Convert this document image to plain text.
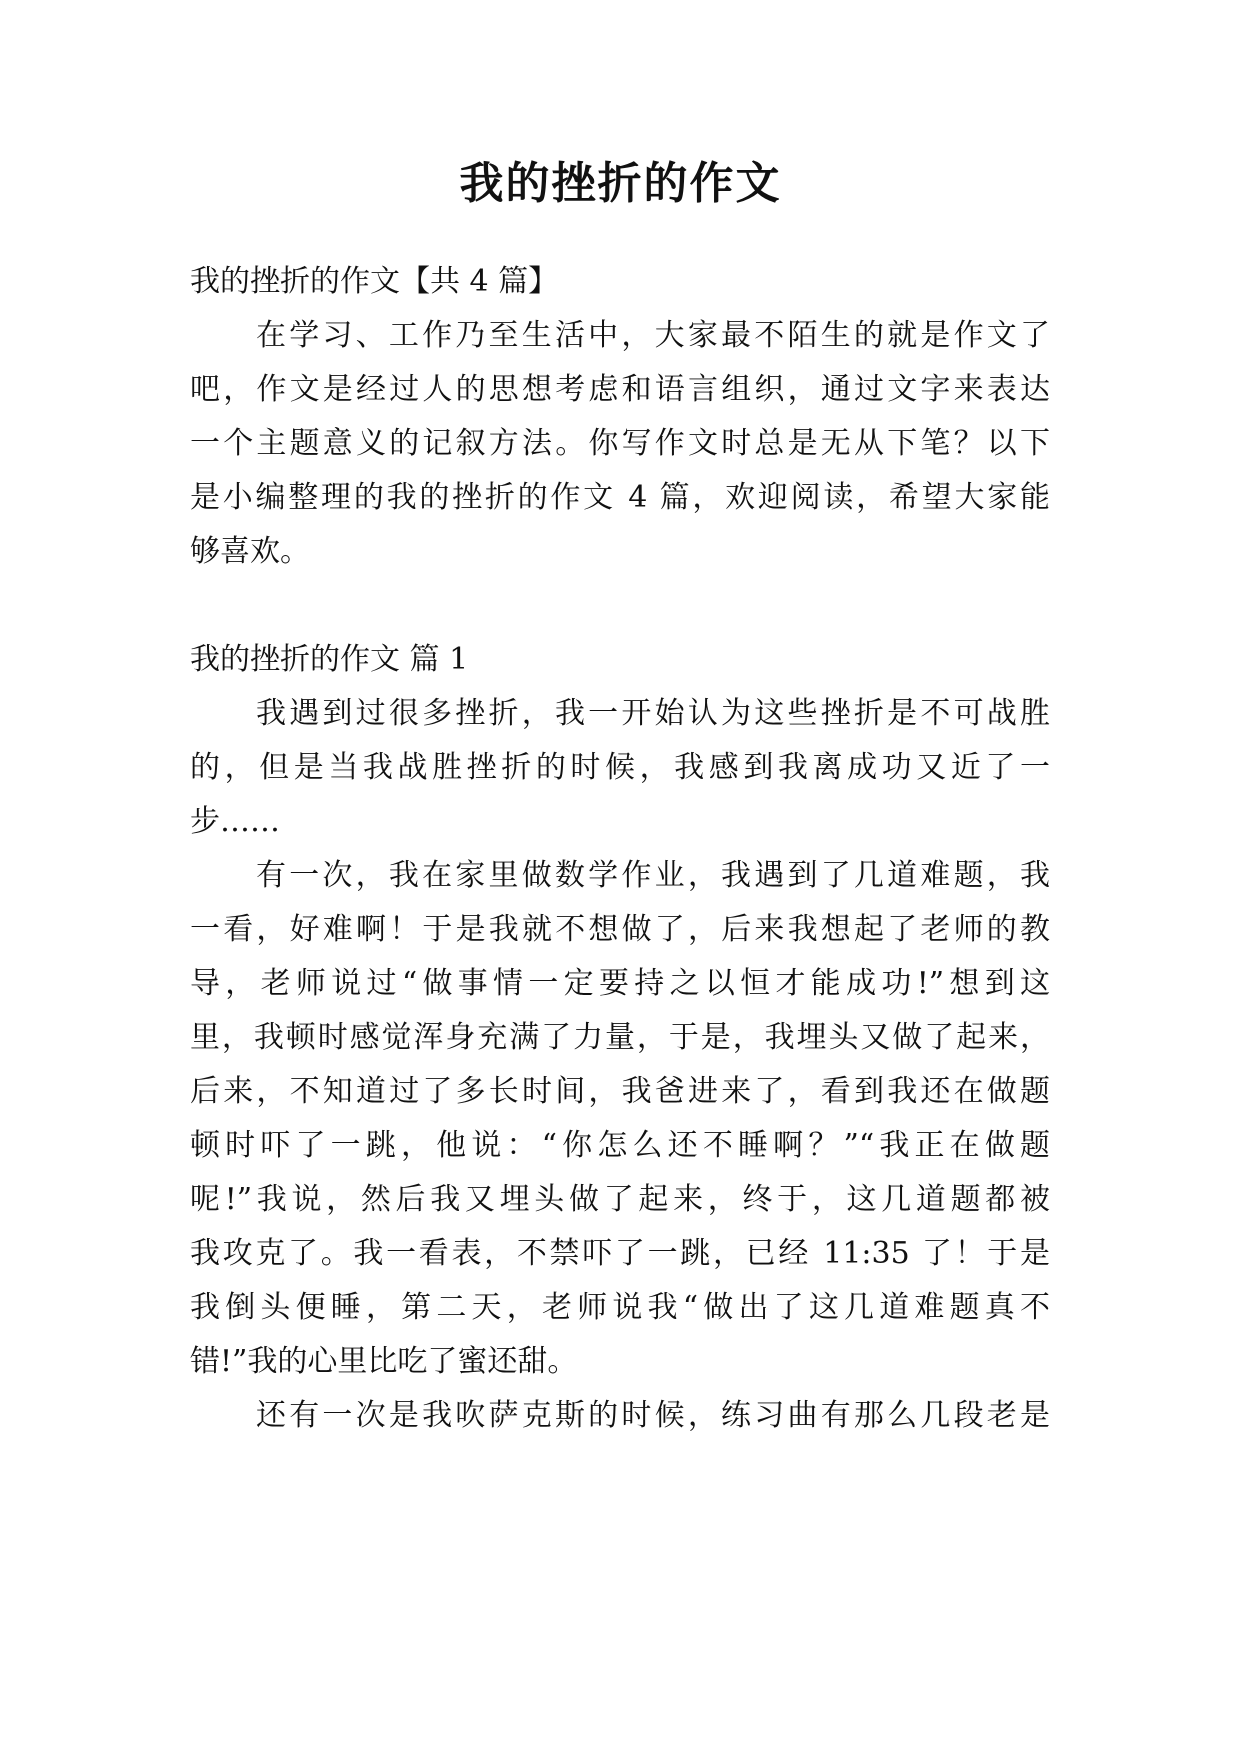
我的挫折的作文
我的挫折的作文【共 4 篇】
在学习、工作乃至生活中，大家最不陌生的就是作文了
吧，作文是经过人的思想考虑和语言组织，通过文字来表达
一个主题意义的记叙方法。你写作文时总是无从下笔？以下
是小编整理的我的挫折的作文 4 篇，欢迎阅读，希望大家能
够喜欢。
我的挫折的作文 篇 1
我遇到过很多挫折，我一开始认为这些挫折是不可战胜
的，但是当我战胜挫折的时候，我感到我离成功又近了一
步……
有一次，我在家里做数学作业，我遇到了几道难题，我
一看，好难啊！于是我就不想做了，后来我想起了老师的教
导，老师说过“做事情一定要持之以恒才能成功!”想到这
里，我顿时感觉浑身充满了力量，于是，我埋头又做了起来，
后来，不知道过了多长时间，我爸进来了，看到我还在做题
顿时吓了一跳，他说：“你怎么还不睡啊？”“我正在做题
呢!”我说，然后我又埋头做了起来，终于，这几道题都被
我攻克了。我一看表，不禁吓了一跳，已经 11:35 了！于是
我倒头便睡，第二天，老师说我“做出了这几道难题真不
错!”我的心里比吃了蜜还甜。
还有一次是我吹萨克斯的时候，练习曲有那么几段老是
